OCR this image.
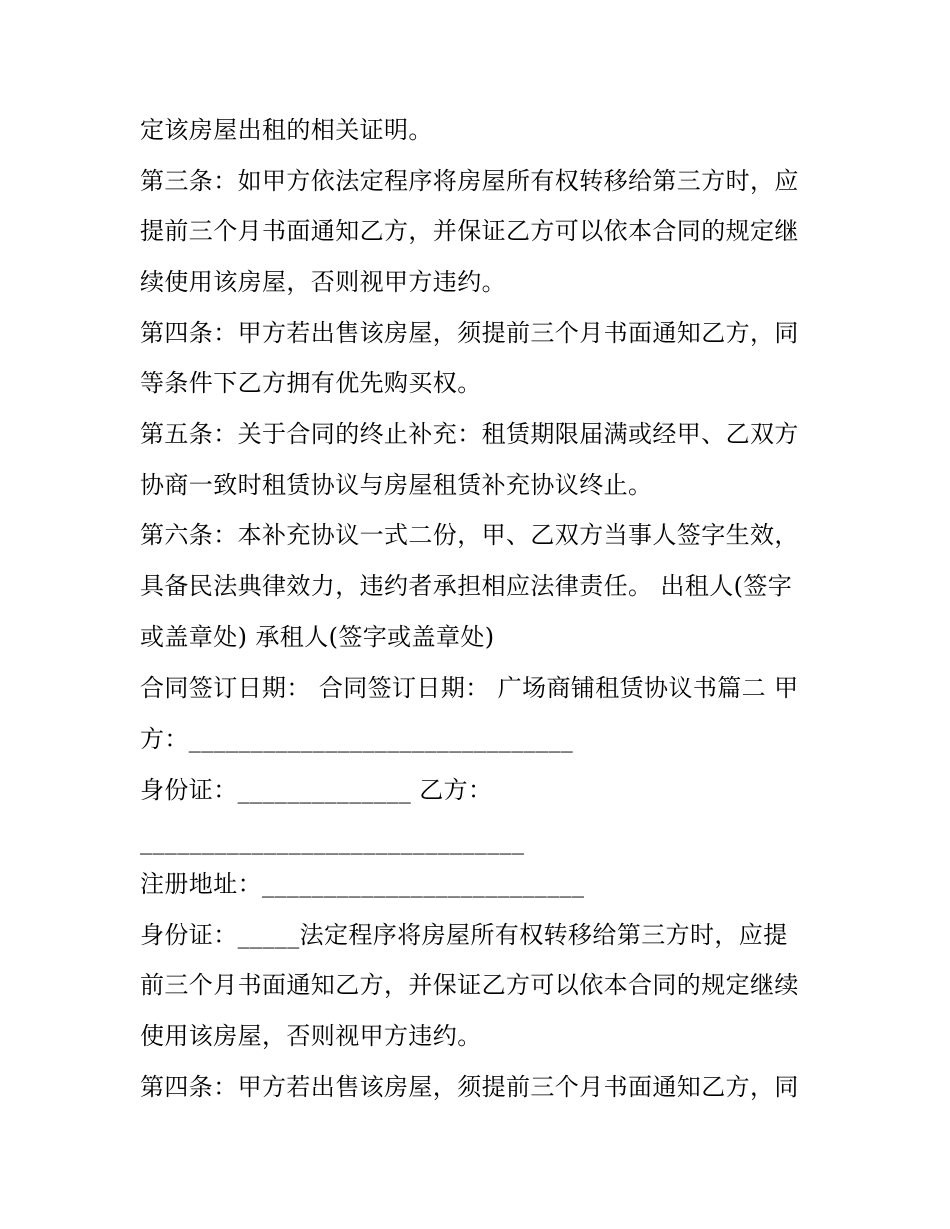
定该房屋出租的相关证明。
第三条：如甲方依法定程序将房屋所有权转移给第三方时，应
提前三个月书面通知乙方，并保证乙方可以依本合同的规定继
续使用该房屋，否则视甲方违约。
第四条：甲方若出售该房屋，须提前三个月书面通知乙方，同
等条件下乙方拥有优先购买权。
第五条：关于合同的终止补充：租赁期限届满或经甲、乙双方
协商一致时租赁协议与房屋租赁补充协议终止。
第六条：本补充协议一式二份，甲、乙双方当事人签字生效，
具备民法典律效力，违约者承担相应法律责任。 出租人(签字
或盖章处) 承租人(签字或盖章处)
合同签订日期： 合同签订日期： 广场商铺租赁协议书篇二 甲
方：_______________________________
身份证：______________ 乙方：
_______________________________
注册地址：__________________________
身份证：_____法定程序将房屋所有权转移给第三方时，应提
前三个月书面通知乙方，并保证乙方可以依本合同的规定继续
使用该房屋，否则视甲方违约。
第四条：甲方若出售该房屋，须提前三个月书面通知乙方，同
